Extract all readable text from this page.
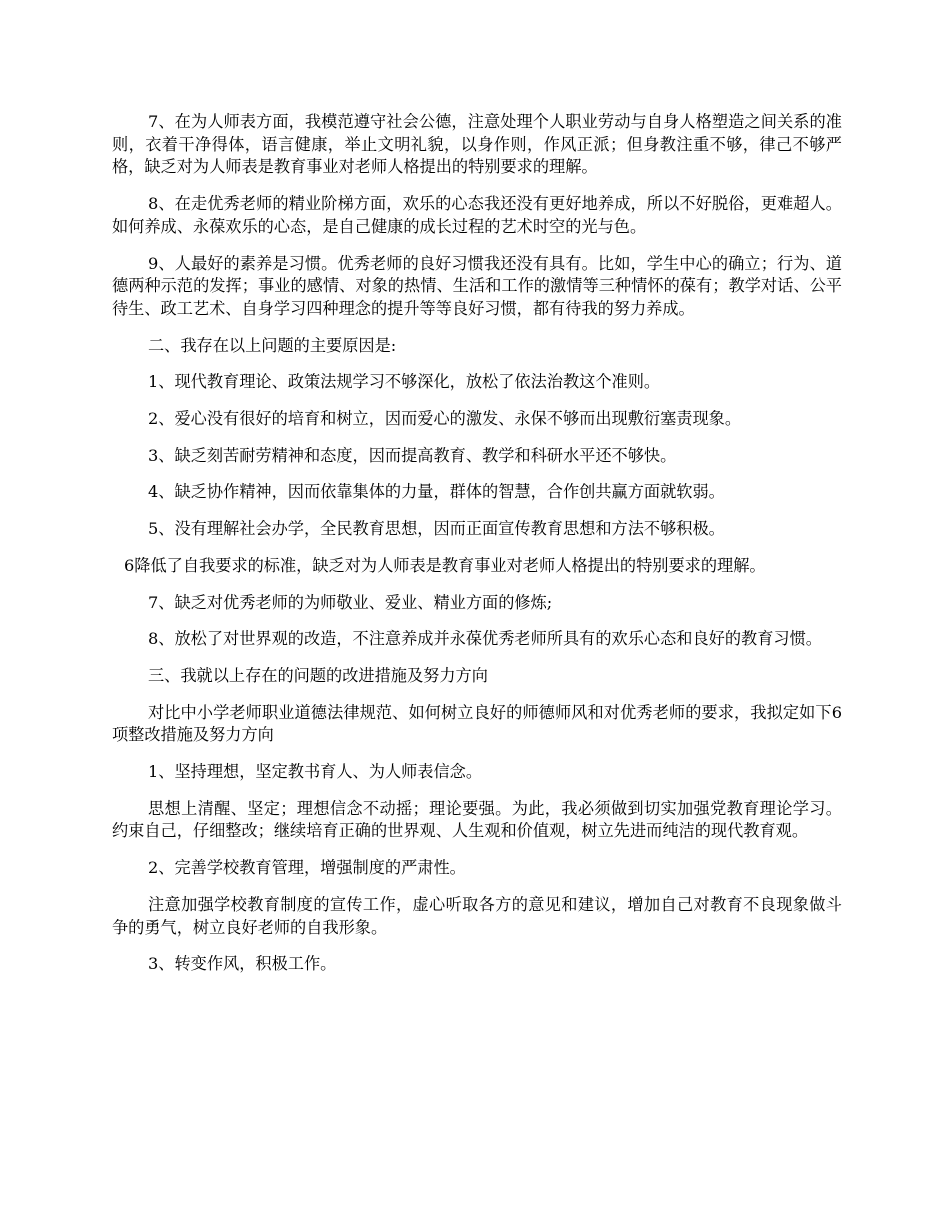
7、在为人师表方面，我模范遵守社会公德，注意处理个人职业劳动与自身人格塑造之间关系的准则，衣着干净得体，语言健康，举止文明礼貌，以身作则，作风正派；但身教注重不够，律己不够严格，缺乏对为人师表是教育事业对老师人格提出的特别要求的理解。

8、在走优秀老师的精业阶梯方面，欢乐的心态我还没有更好地养成，所以不好脱俗，更难超人。如何养成、永葆欢乐的心态，是自己健康的成长过程的艺术时空的光与色。

9、人最好的素养是习惯。优秀老师的良好习惯我还没有具有。比如，学生中心的确立；行为、道德两种示范的发挥；事业的感情、对象的热情、生活和工作的激情等三种情怀的葆有；教学对话、公平待生、政工艺术、自身学习四种理念的提升等等良好习惯，都有待我的努力养成。

二、我存在以上问题的主要原因是:

1、现代教育理论、政策法规学习不够深化，放松了依法治教这个准则。

2、爱心没有很好的培育和树立，因而爱心的激发、永保不够而出现敷衍塞责现象。

3、缺乏刻苦耐劳精神和态度，因而提高教育、教学和科研水平还不够快。

4、缺乏协作精神，因而依靠集体的力量，群体的智慧，合作创共赢方面就软弱。

5、没有理解社会办学，全民教育思想，因而正面宣传教育思想和方法不够积极。

6降低了自我要求的标准，缺乏对为人师表是教育事业对老师人格提出的特别要求的理解。

7、缺乏对优秀老师的为师敬业、爱业、精业方面的修炼;

8、放松了对世界观的改造，不注意养成并永葆优秀老师所具有的欢乐心态和良好的教育习惯。

三、我就以上存在的问题的改进措施及努力方向

对比中小学老师职业道德法律规范、如何树立良好的师德师风和对优秀老师的要求，我拟定如下6项整改措施及努力方向

1、坚持理想，坚定教书育人、为人师表信念。

思想上清醒、坚定；理想信念不动摇；理论要强。为此，我必须做到切实加强党教育理论学习。约束自己，仔细整改；继续培育正确的世界观、人生观和价值观，树立先进而纯洁的现代教育观。

2、完善学校教育管理，增强制度的严肃性。

注意加强学校教育制度的宣传工作，虚心听取各方的意见和建议，增加自己对教育不良现象做斗争的勇气，树立良好老师的自我形象。

3、转变作风，积极工作。
